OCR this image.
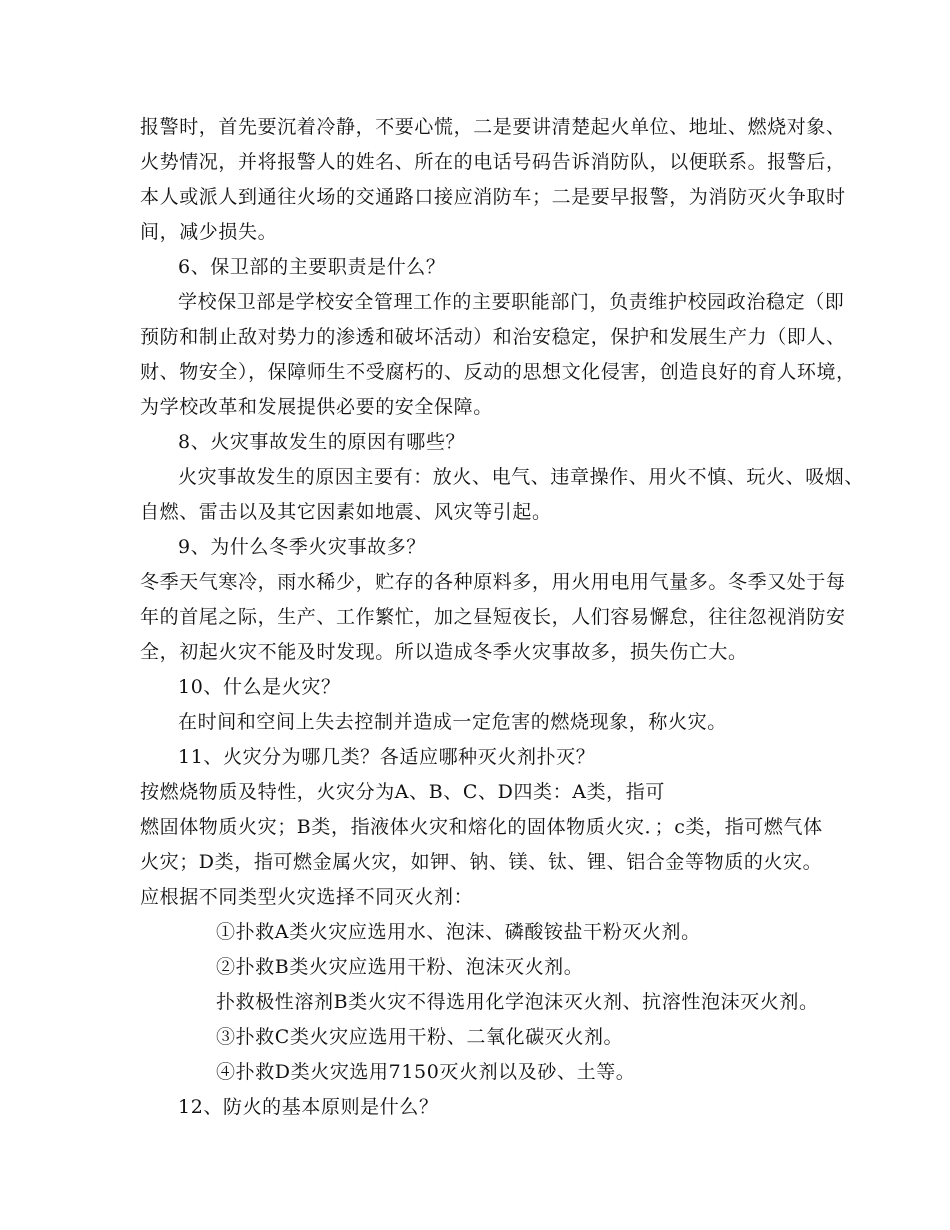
报警时，首先要沉着冷静，不要心慌，二是要讲清楚起火单位、地址、燃烧对象、
火势情况，并将报警人的姓名、所在的电话号码告诉消防队，以便联系。报警后，
本人或派人到通往火场的交通路口接应消防车；二是要早报警，为消防灭火争取时
间，减少损失。
6、保卫部的主要职责是什么？
学校保卫部是学校安全管理工作的主要职能部门，负责维护校园政治稳定（即
预防和制止敌对势力的渗透和破坏活动）和治安稳定，保护和发展生产力（即人、
财、物安全），保障师生不受腐朽的、反动的思想文化侵害，创造良好的育人环境，
为学校改革和发展提供必要的安全保障。
8、火灾事故发生的原因有哪些？
火灾事故发生的原因主要有：放火、电气、违章操作、用火不慎、玩火、吸烟、
自燃、雷击以及其它因素如地震、风灾等引起。
9、为什么冬季火灾事故多？
冬季天气寒冷，雨水稀少，贮存的各种原料多，用火用电用气量多。冬季又处于每
年的首尾之际，生产、工作繁忙，加之昼短夜长，人们容易懈怠，往往忽视消防安
全，初起火灾不能及时发现。所以造成冬季火灾事故多，损失伤亡大。
10、什么是火灾？
在时间和空间上失去控制并造成一定危害的燃烧现象，称火灾。
11、火灾分为哪几类？各适应哪种灭火剂扑灭？
按燃烧物质及特性，火灾分为A、B、C、D四类：A类，指可
燃固体物质火灾；B类，指液体火灾和熔化的固体物质火灾．；c类，指可燃气体
火灾；D类，指可燃金属火灾，如钾、钠、镁、钛、锂、铝合金等物质的火灾。
应根据不同类型火灾选择不同灭火剂：
①扑救A类火灾应选用水、泡沫、磷酸铵盐干粉灭火剂。
②扑救B类火灾应选用干粉、泡沫灭火剂。
扑救极性溶剂B类火灾不得选用化学泡沫灭火剂、抗溶性泡沫灭火剂。
③扑救C类火灾应选用干粉、二氧化碳灭火剂。
④扑救D类火灾选用7150灭火剂以及砂、土等。
12、防火的基本原则是什么？
